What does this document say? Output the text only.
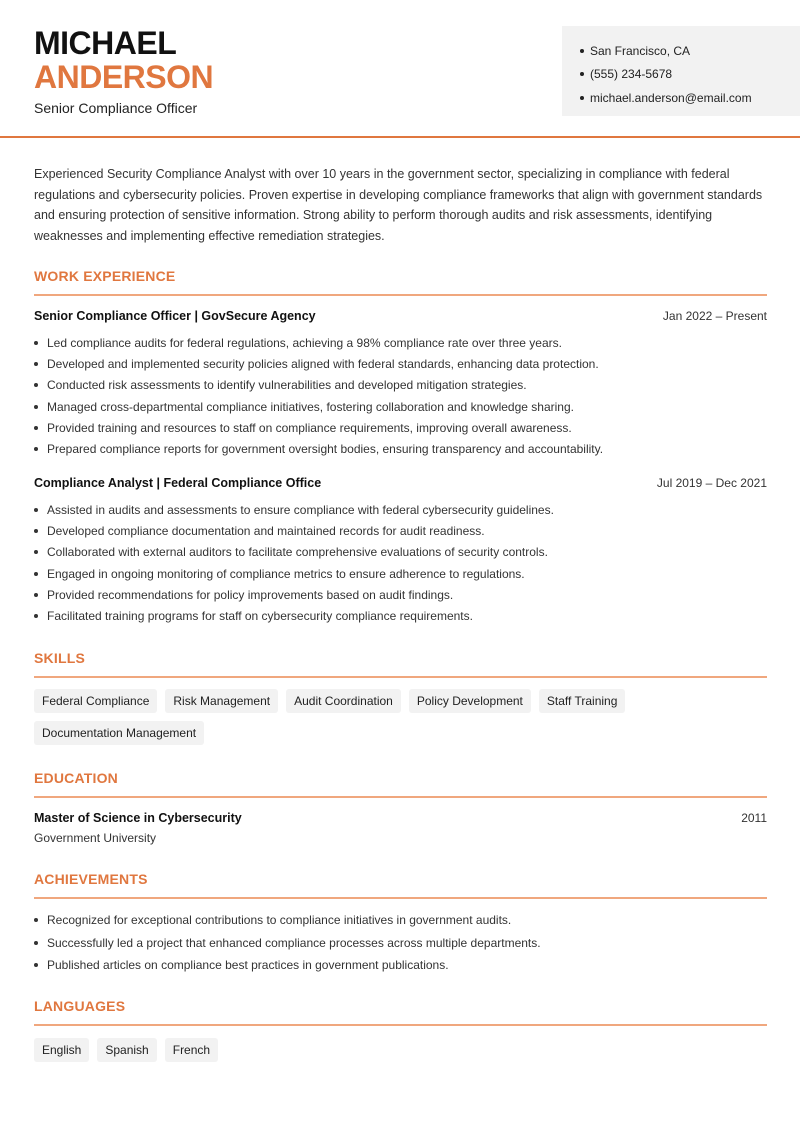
MICHAEL
ANDERSON
Senior Compliance Officer
San Francisco, CA
(555) 234-5678
michael.anderson@email.com

Experienced Security Compliance Analyst with over 10 years in the government sector, specializing in compliance with federal regulations and cybersecurity policies. Proven expertise in developing compliance frameworks that align with government standards and ensuring protection of sensitive information. Strong ability to perform thorough audits and risk assessments, identifying weaknesses and implementing effective remediation strategies.

WORK EXPERIENCE
Senior Compliance Officer | GovSecure Agency	Jan 2022 – Present
Led compliance audits for federal regulations, achieving a 98% compliance rate over three years.
Developed and implemented security policies aligned with federal standards, enhancing data protection.
Conducted risk assessments to identify vulnerabilities and developed mitigation strategies.
Managed cross-departmental compliance initiatives, fostering collaboration and knowledge sharing.
Provided training and resources to staff on compliance requirements, improving overall awareness.
Prepared compliance reports for government oversight bodies, ensuring transparency and accountability.
Compliance Analyst | Federal Compliance Office	Jul 2019 – Dec 2021
Assisted in audits and assessments to ensure compliance with federal cybersecurity guidelines.
Developed compliance documentation and maintained records for audit readiness.
Collaborated with external auditors to facilitate comprehensive evaluations of security controls.
Engaged in ongoing monitoring of compliance metrics to ensure adherence to regulations.
Provided recommendations for policy improvements based on audit findings.
Facilitated training programs for staff on cybersecurity compliance requirements.
SKILLS
Federal Compliance	Risk Management	Audit Coordination	Policy Development	Staff Training
Documentation Management
EDUCATION
Master of Science in Cybersecurity	2011
Government University
ACHIEVEMENTS
Recognized for exceptional contributions to compliance initiatives in government audits.
Successfully led a project that enhanced compliance processes across multiple departments.
Published articles on compliance best practices in government publications.
LANGUAGES
English	Spanish	French
